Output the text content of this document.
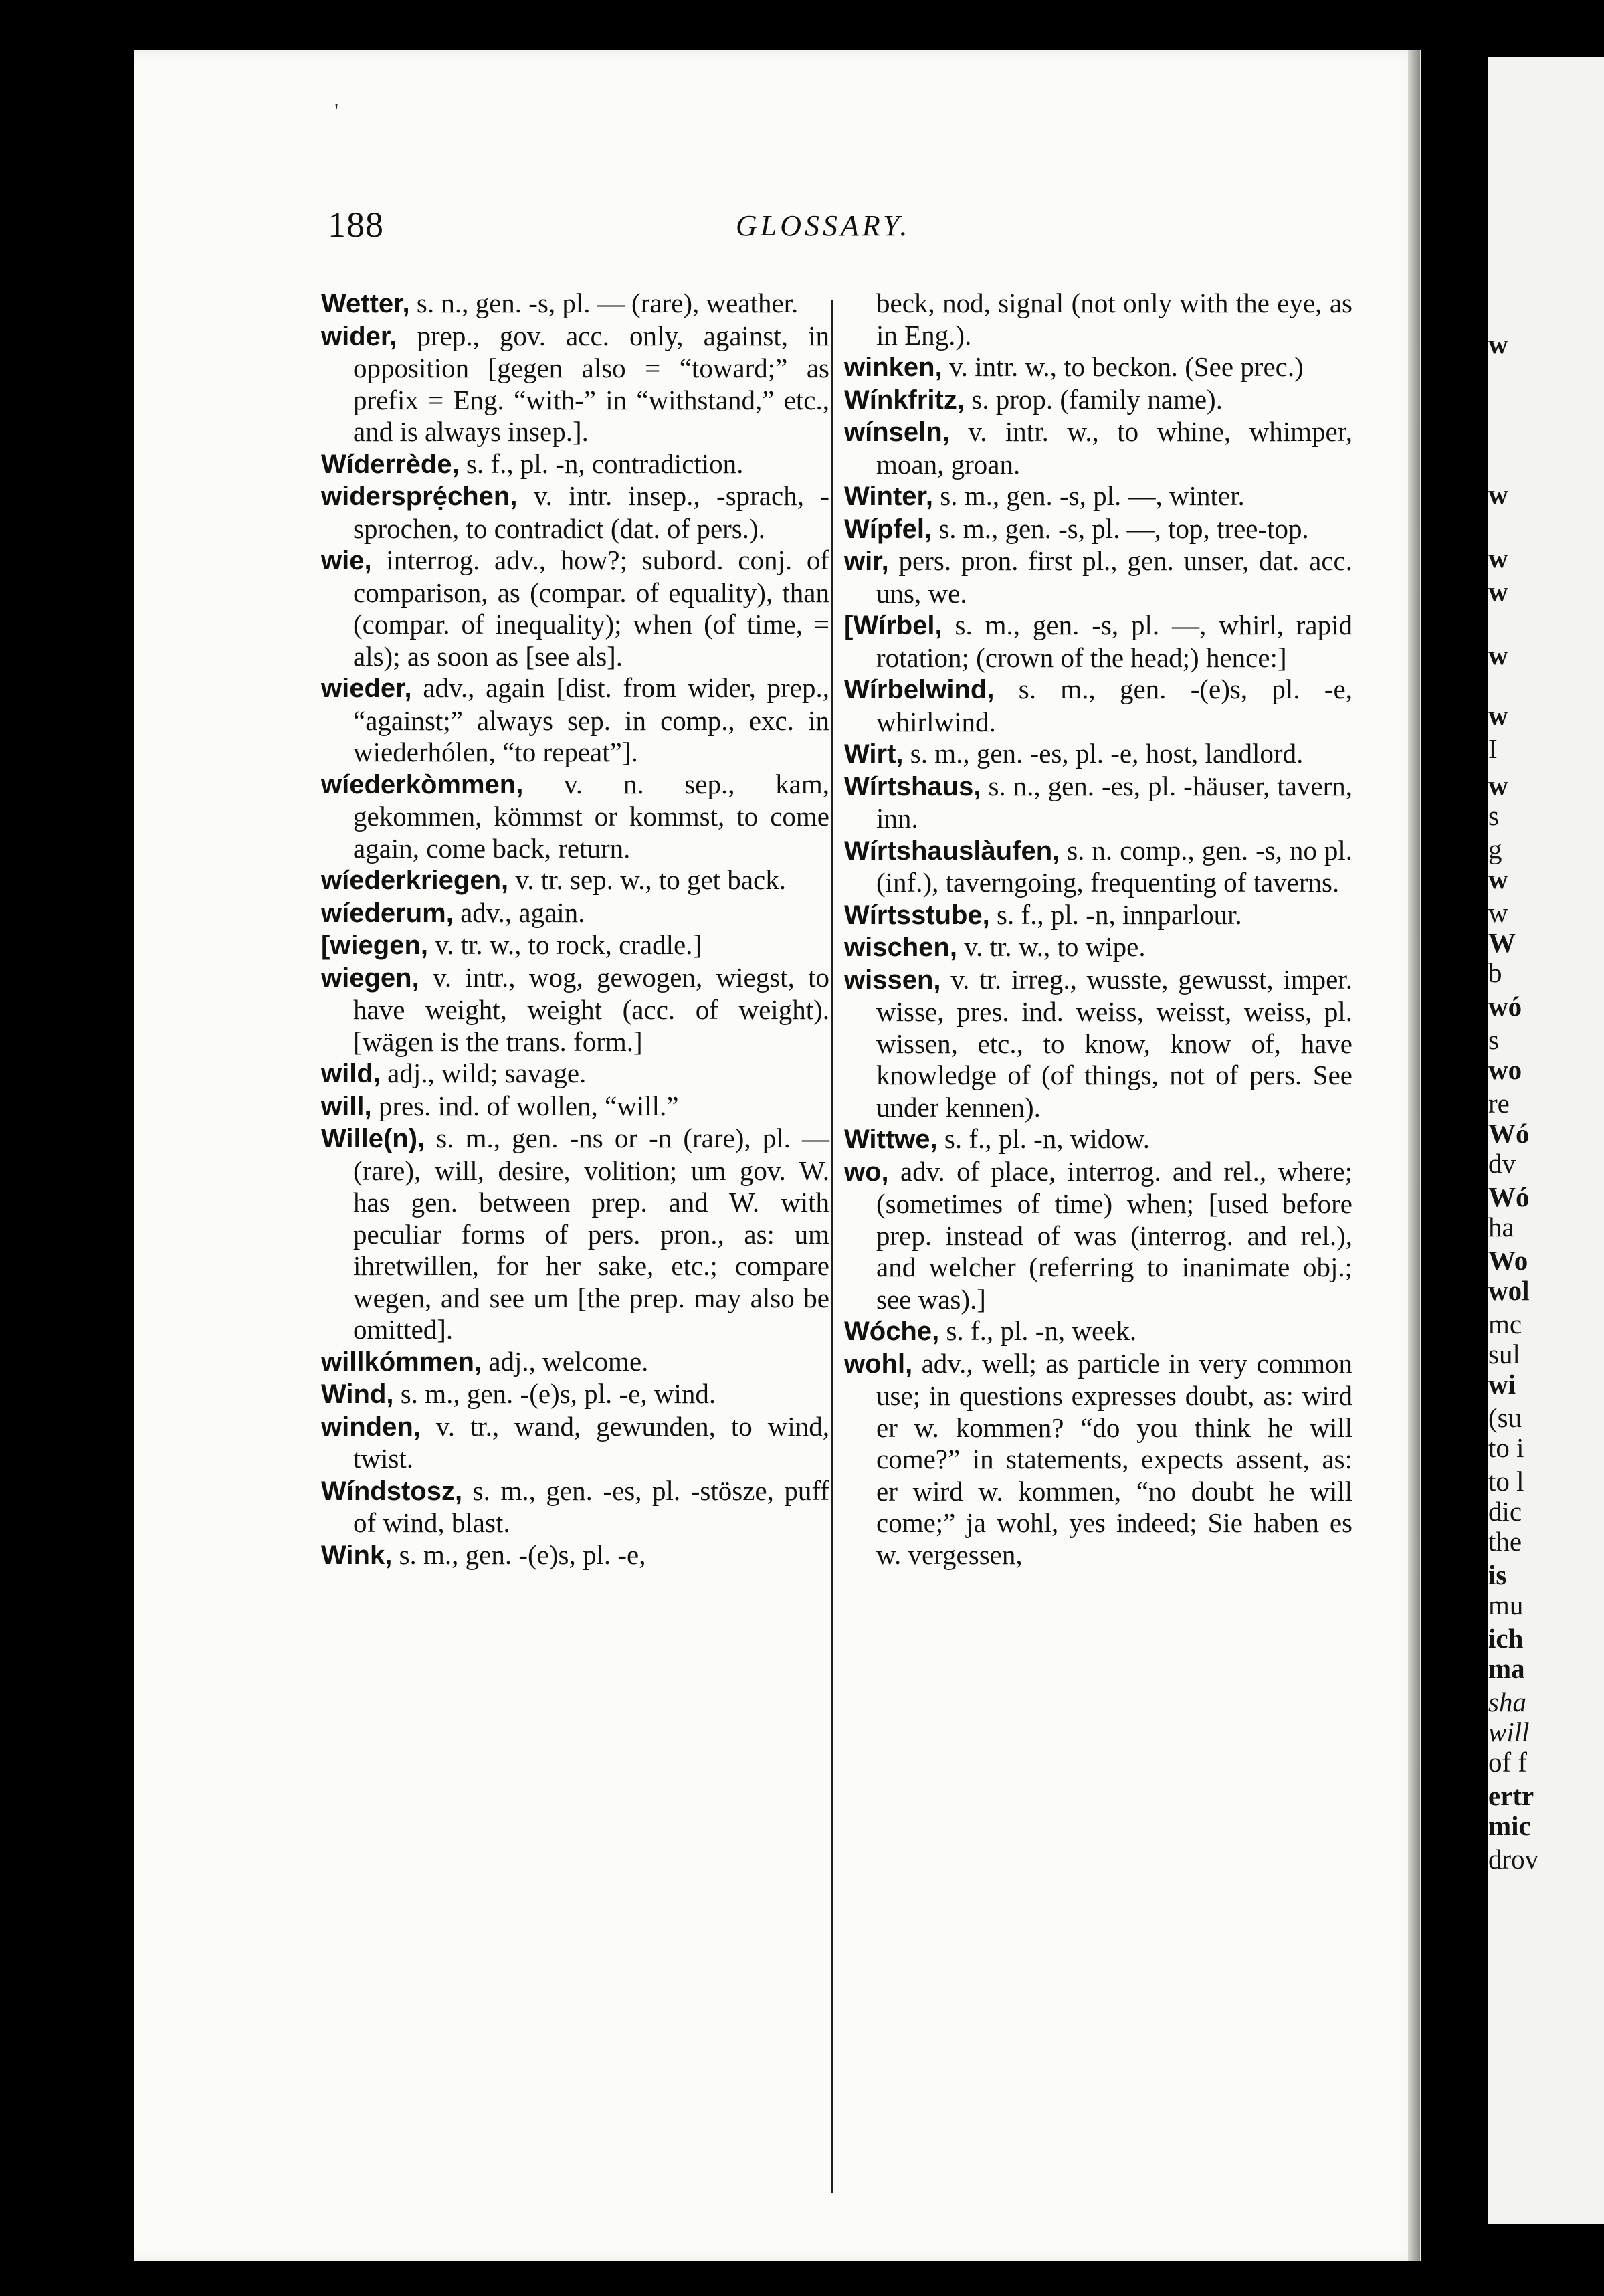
w
w
w
w
w
w
I
w
s
g
w
w
W
b
wó
s
wo
re
Wó
dv
Wó
ha
Wo
wol
mc
sul
wi
(su
to i
to l
dic
the
is
mu
ich
ma
sha
will
of f
ertr
mic
drov
'
188	GLOSSARY.

Wetter, s. n., gen. -s, pl. — (rare), weather.

wider, prep., gov. acc. only, against, in opposition [gegen also = “toward;” as prefix = Eng. “with-” in “withstand,” etc., and is always insep.].

Wíderrède, s. f., pl. -n, contradiction.

widersprẹ́chen, v. intr. insep., -sprach, -sprochen, to contradict (dat. of pers.).

wie, interrog. adv., how?; subord. conj. of comparison, as (compar. of equality), than (compar. of inequality); when (of time, = als); as soon as [see als].

wieder, adv., again [dist. from wider, prep., “against;” always sep. in comp., exc. in wiederhólen, “to repeat”].

wíederkòmmen, v. n. sep., kam, gekommen, kömmst or kommst, to come again, come back, return.

wíederkriegen, v. tr. sep. w., to get back.

wíederum, adv., again.

[wiegen, v. tr. w., to rock, cradle.]

wiegen, v. intr., wog, gewogen, wiegst, to have weight, weight (acc. of weight). [wägen is the trans. form.]

wild, adj., wild; savage.

will, pres. ind. of wollen, “will.”

Wille(n), s. m., gen. -ns or -n (rare), pl. — (rare), will, desire, volition; um gov. W. has gen. between prep. and W. with peculiar forms of pers. pron., as: um ihretwillen, for her sake, etc.; compare wegen, and see um [the prep. may also be omitted].

willkómmen, adj., welcome.

Wind, s. m., gen. -(e)s, pl. -e, wind.

winden, v. tr., wand, gewunden, to wind, twist.

Wíndstosz, s. m., gen. -es, pl. -stösze, puff of wind, blast.

Wink, s. m., gen. -(e)s, pl. -e,

beck, nod, signal (not only with the eye, as in Eng.).

winken, v. intr. w., to beckon. (See prec.)

Wínkfritz, s. prop. (family name).

wínseln, v. intr. w., to whine, whimper, moan, groan.

Winter, s. m., gen. -s, pl. —, winter.

Wípfel, s. m., gen. -s, pl. —, top, tree-top.

wir, pers. pron. first pl., gen. unser, dat. acc. uns, we.

[Wírbel, s. m., gen. -s, pl. —, whirl, rapid rotation; (crown of the head;) hence:]

Wírbelwind, s. m., gen. -(e)s, pl. -e, whirlwind.

Wirt, s. m., gen. -es, pl. -e, host, landlord.

Wírtshaus, s. n., gen. -es, pl. -häuser, tavern, inn.

Wírtshauslàufen, s. n. comp., gen. -s, no pl. (inf.), taverngoing, frequenting of taverns.

Wírtsstube, s. f., pl. -n, innparlour.

wischen, v. tr. w., to wipe.

wissen, v. tr. irreg., wusste, gewusst, imper. wisse, pres. ind. weiss, weisst, weiss, pl. wissen, etc., to know, know of, have knowledge of (of things, not of pers. See under kennen).

Wittwe, s. f., pl. -n, widow.

wo, adv. of place, interrog. and rel., where; (sometimes of time) when; [used before prep. instead of was (interrog. and rel.), and welcher (referring to inanimate obj.; see was).]

Wóche, s. f., pl. -n, week.

wohl, adv., well; as particle in very common use; in questions expresses doubt, as: wird er w. kommen? “do you think he will come?” in statements, expects assent, as: er wird w. kommen, “no doubt he will come;” ja wohl, yes indeed; Sie haben es w. vergessen,
